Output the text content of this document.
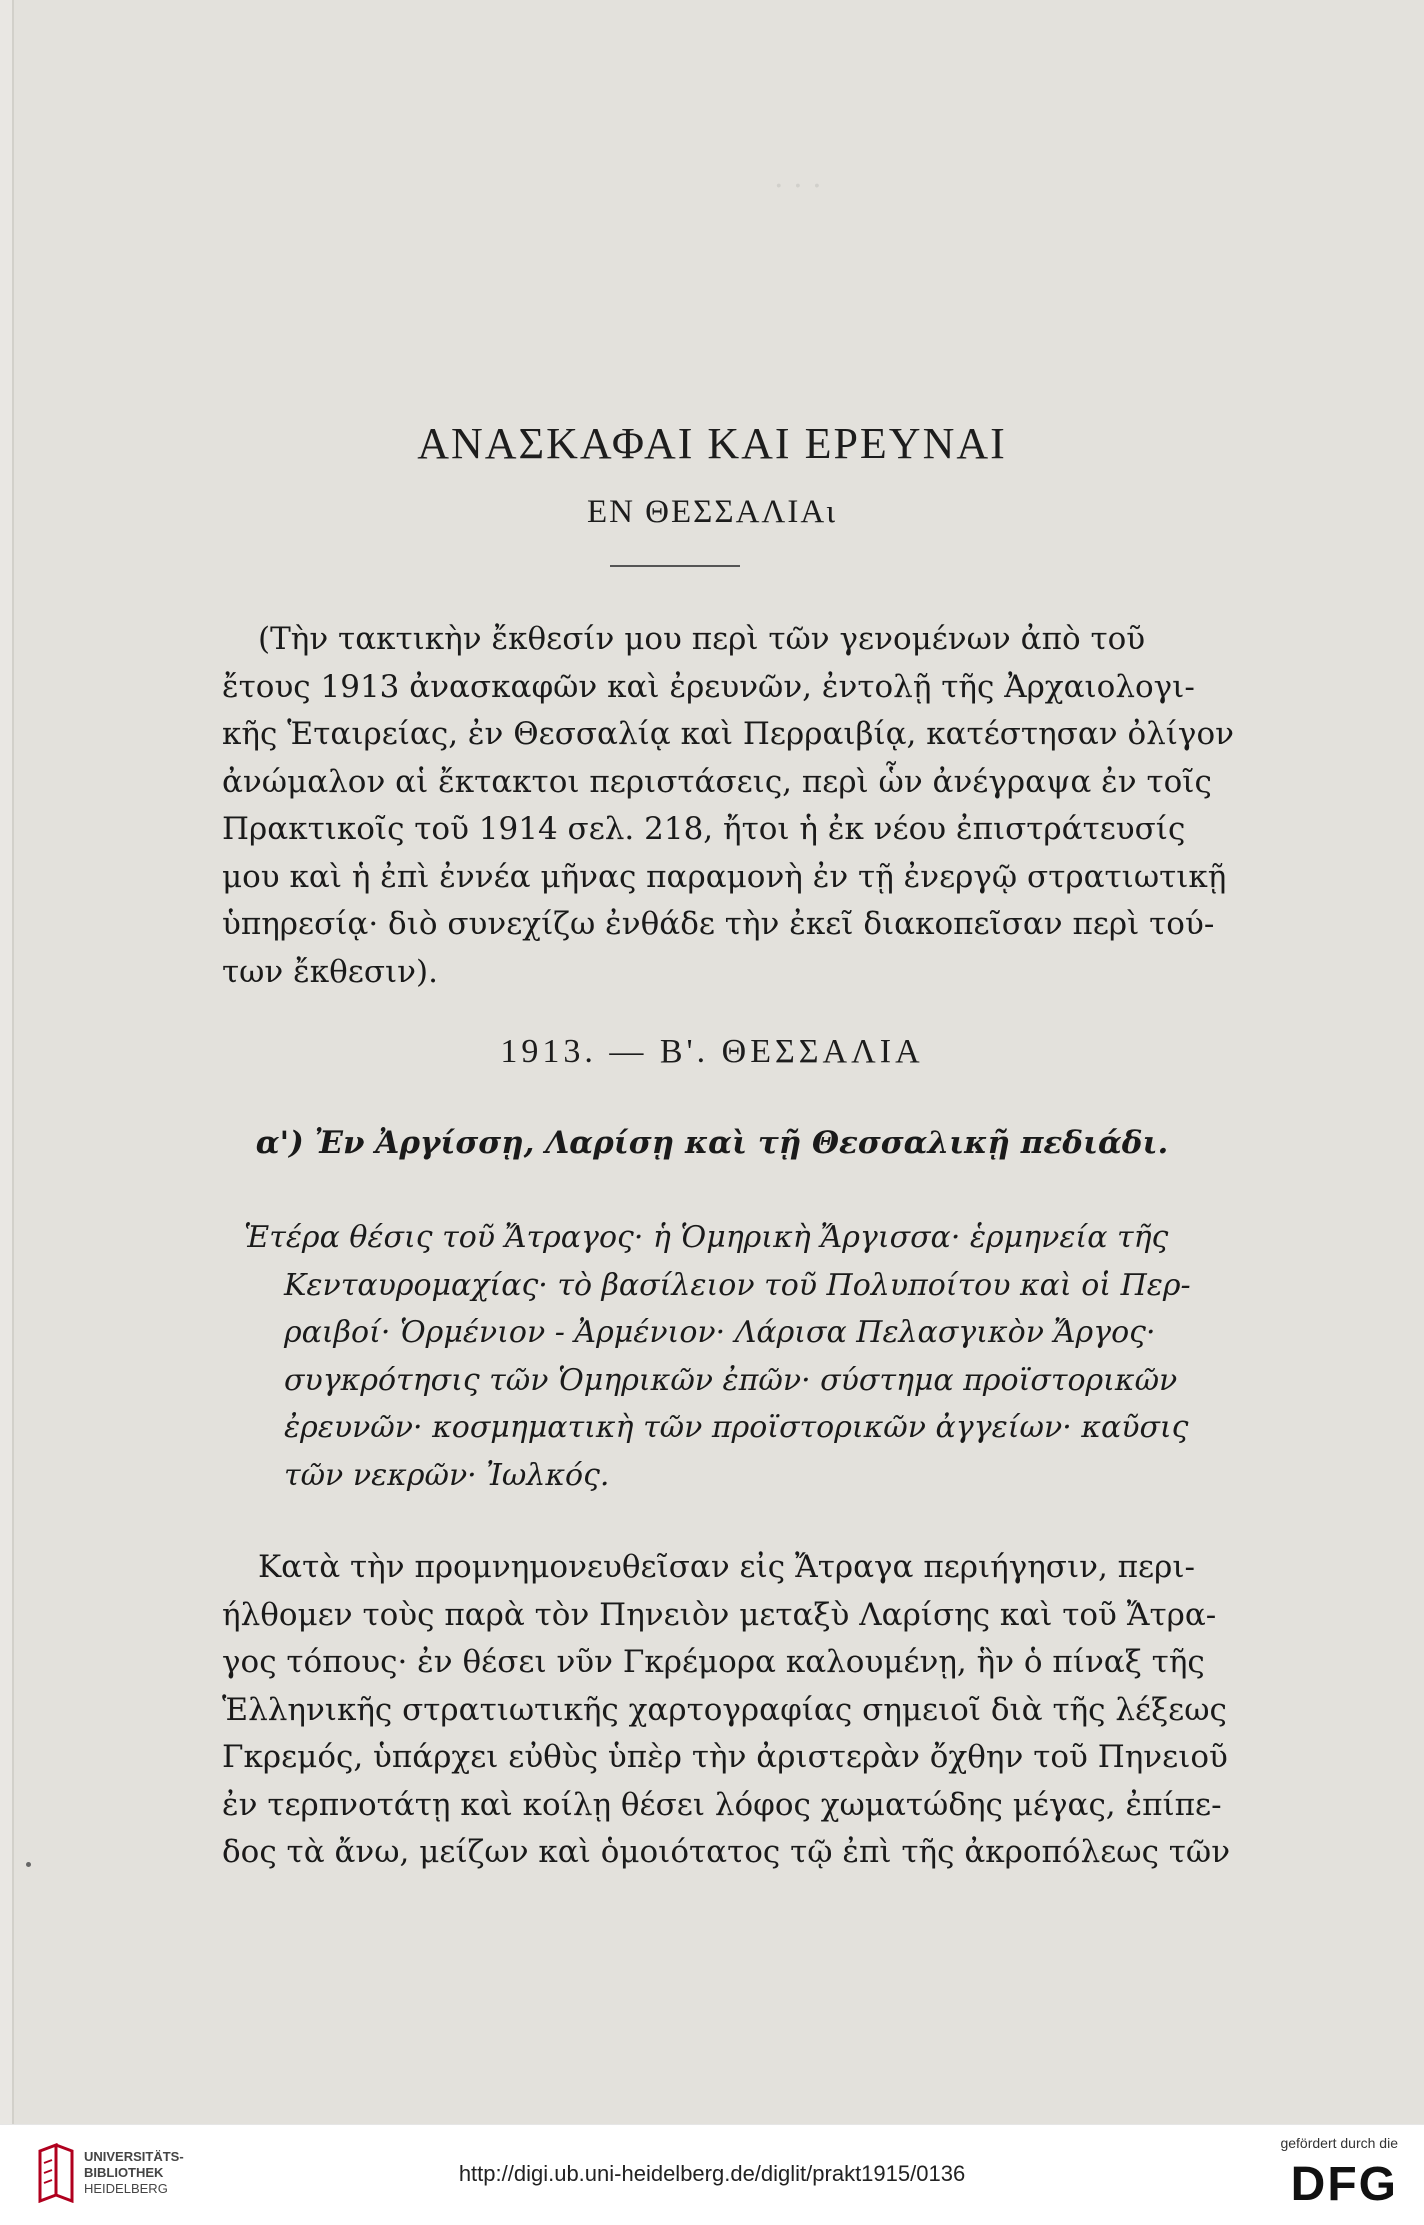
. . .
ΑΝΑΣΚΑΦΑΙ ΚΑΙ ΕΡΕΥΝΑΙ
ΕΝ ΘΕΣΣΑΛΙΑι
(Τὴν τακτικὴν ἔκθεσίν μου περὶ τῶν γενομένων ἀπὸ τοῦ
ἔτους 1913 ἀνασκαφῶν καὶ ἐρευνῶν, ἐντολῇ τῆς Ἀρχαιολογι-
κῆς Ἑταιρείας, ἐν Θεσσαλίᾳ καὶ Περραιβίᾳ, κατέστησαν ὀλίγον
ἀνώμαλον αἱ ἔκτακτοι περιστάσεις, περὶ ὧν ἀνέγραψα ἐν τοῖς
Πρακτικοῖς τοῦ 1914 σελ. 218, ἤτοι ἡ ἐκ νέου ἐπιστράτευσίς
μου καὶ ἡ ἐπὶ ἐννέα μῆνας παραμονὴ ἐν τῇ ἐνεργῷ στρατιωτικῇ
ὑπηρεσίᾳ· διὸ συνεχίζω ἐνθάδε τὴν ἐκεῖ διακοπεῖσαν περὶ τού-
των ἔκθεσιν).
1913. — Β'. ΘΕΣΣΑΛΙΑ
α') Ἐν Ἀργίσσῃ, Λαρίσῃ καὶ τῇ Θεσσαλικῇ πεδιάδι.
Ἑτέρα θέσις τοῦ Ἄτραγος· ἡ Ὁμηρικὴ Ἄργισσα· ἑρμηνεία τῆς
Κενταυρομαχίας· τὸ βασίλειον τοῦ Πολυποίτου καὶ οἱ Περ-
ραιβοί· Ὁρμένιον - Ἀρμένιον· Λάρισα Πελασγικὸν Ἄργος·
συγκρότησις τῶν Ὁμηρικῶν ἐπῶν· σύστημα προϊστορικῶν
ἐρευνῶν· κοσμηματικὴ τῶν προϊστορικῶν ἀγγείων· καῦσις
τῶν νεκρῶν· Ἰωλκός.
Κατὰ τὴν προμνημονευθεῖσαν εἰς Ἄτραγα περιήγησιν, περι-
ήλθομεν τοὺς παρὰ τὸν Πηνειὸν μεταξὺ Λαρίσης καὶ τοῦ Ἄτρα-
γος τόπους· ἐν θέσει νῦν Γκρέμορα καλουμένῃ, ἣν ὁ πίναξ τῆς
Ἑλληνικῆς στρατιωτικῆς χαρτογραφίας σημειοῖ διὰ τῆς λέξεως
Γκρεμός, ὑπάρχει εὐθὺς ὑπὲρ τὴν ἀριστερὰν ὄχθην τοῦ Πηνειοῦ
ἐν τερπνοτάτῃ καὶ κοίλῃ θέσει λόφος χωματώδης μέγας, ἐπίπε-
δος τὰ ἄνω, μείζων καὶ ὁμοιότατος τῷ ἐπὶ τῆς ἀκροπόλεως τῶν
UNIVERSITÄTS-
BIBLIOTHEK
HEIDELBERG
http://digi.ub.uni-heidelberg.de/diglit/prakt1915/0136
gefördert durch die
DFG
